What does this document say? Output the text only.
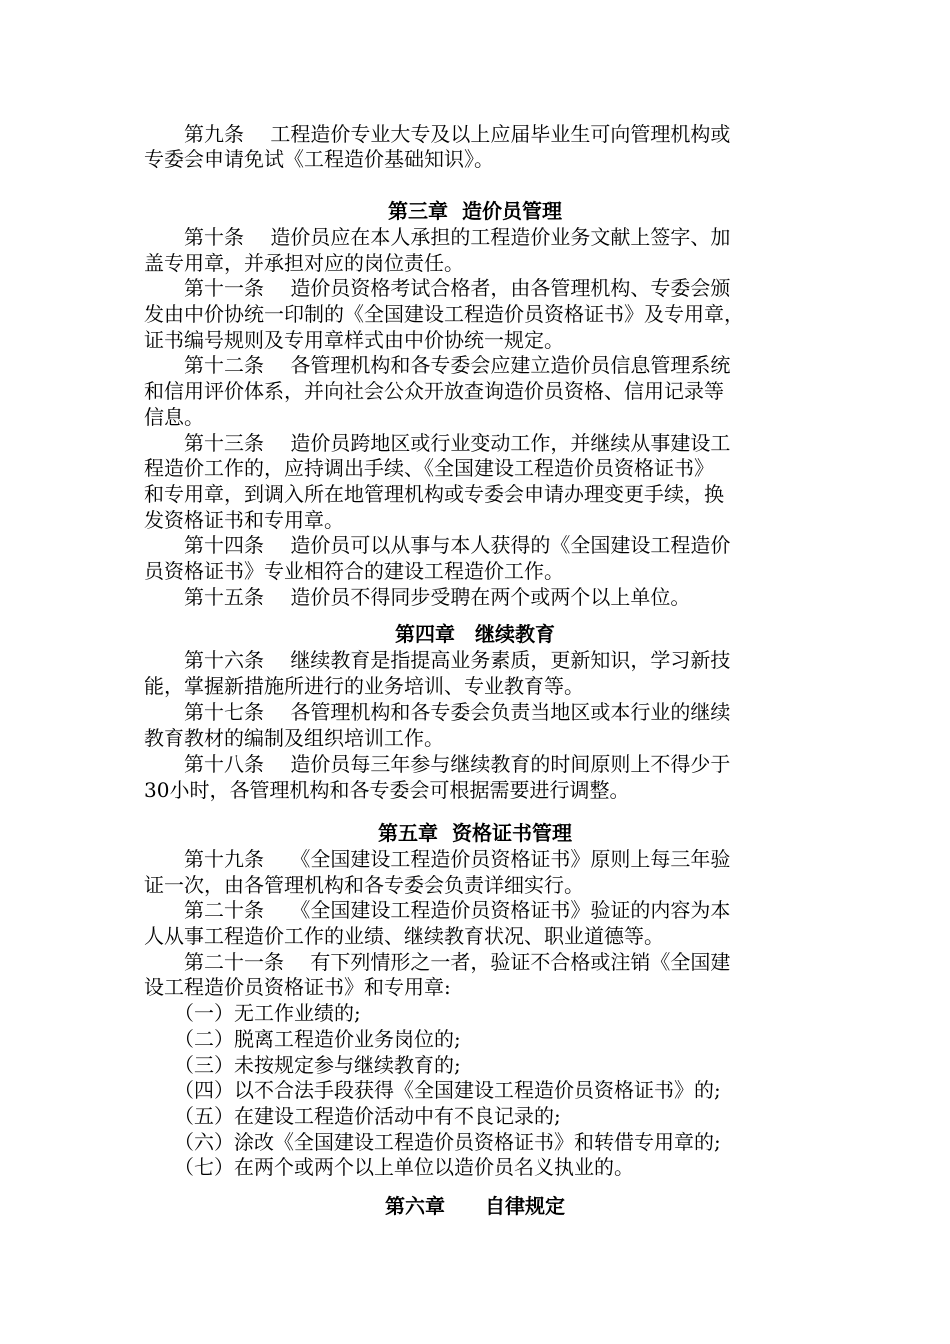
　　第九条　 工程造价专业大专及以上应届毕业生可向管理机构或
专委会申请免试《工程造价基础知识》。
第三章  造价员管理
　　第十条　 造价员应在本人承担的工程造价业务文献上签字、加
盖专用章，并承担对应的岗位责任。
　　第十一条　 造价员资格考试合格者，由各管理机构、专委会颁
发由中价协统一印制的《全国建设工程造价员资格证书》及专用章，
证书编号规则及专用章样式由中价协统一规定。
　　第十二条　 各管理机构和各专委会应建立造价员信息管理系统
和信用评价体系，并向社会公众开放查询造价员资格、信用记录等
信息。
　　第十三条　 造价员跨地区或行业变动工作，并继续从事建设工
程造价工作的，应持调出手续、《全国建设工程造价员资格证书》
和专用章，到调入所在地管理机构或专委会申请办理变更手续，换
发资格证书和专用章。
　　第十四条　 造价员可以从事与本人获得的《全国建设工程造价
员资格证书》专业相符合的建设工程造价工作。
　　第十五条　 造价员不得同步受聘在两个或两个以上单位。
第四章　继续教育
　　第十六条　 继续教育是指提高业务素质，更新知识，学习新技
能，掌握新措施所进行的业务培训、专业教育等。
　　第十七条　 各管理机构和各专委会负责当地区或本行业的继续
教育教材的编制及组织培训工作。
　　第十八条　 造价员每三年参与继续教育的时间原则上不得少于
30小时，各管理机构和各专委会可根据需要进行调整。
第五章  资格证书管理
　　第十九条　 《全国建设工程造价员资格证书》原则上每三年验
证一次，由各管理机构和各专委会负责详细实行。
　　第二十条　 《全国建设工程造价员资格证书》验证的内容为本
人从事工程造价工作的业绩、继续教育状况、职业道德等。
　　第二十一条　 有下列情形之一者，验证不合格或注销《全国建
设工程造价员资格证书》和专用章:
　　（一）无工作业绩的;
　　（二）脱离工程造价业务岗位的;
　　（三）未按规定参与继续教育的;
　　（四）以不合法手段获得《全国建设工程造价员资格证书》的;
　　（五）在建设工程造价活动中有不良记录的;
　　（六）涂改《全国建设工程造价员资格证书》和转借专用章的;
　　（七）在两个或两个以上单位以造价员名义执业的。
第六章　　自律规定
